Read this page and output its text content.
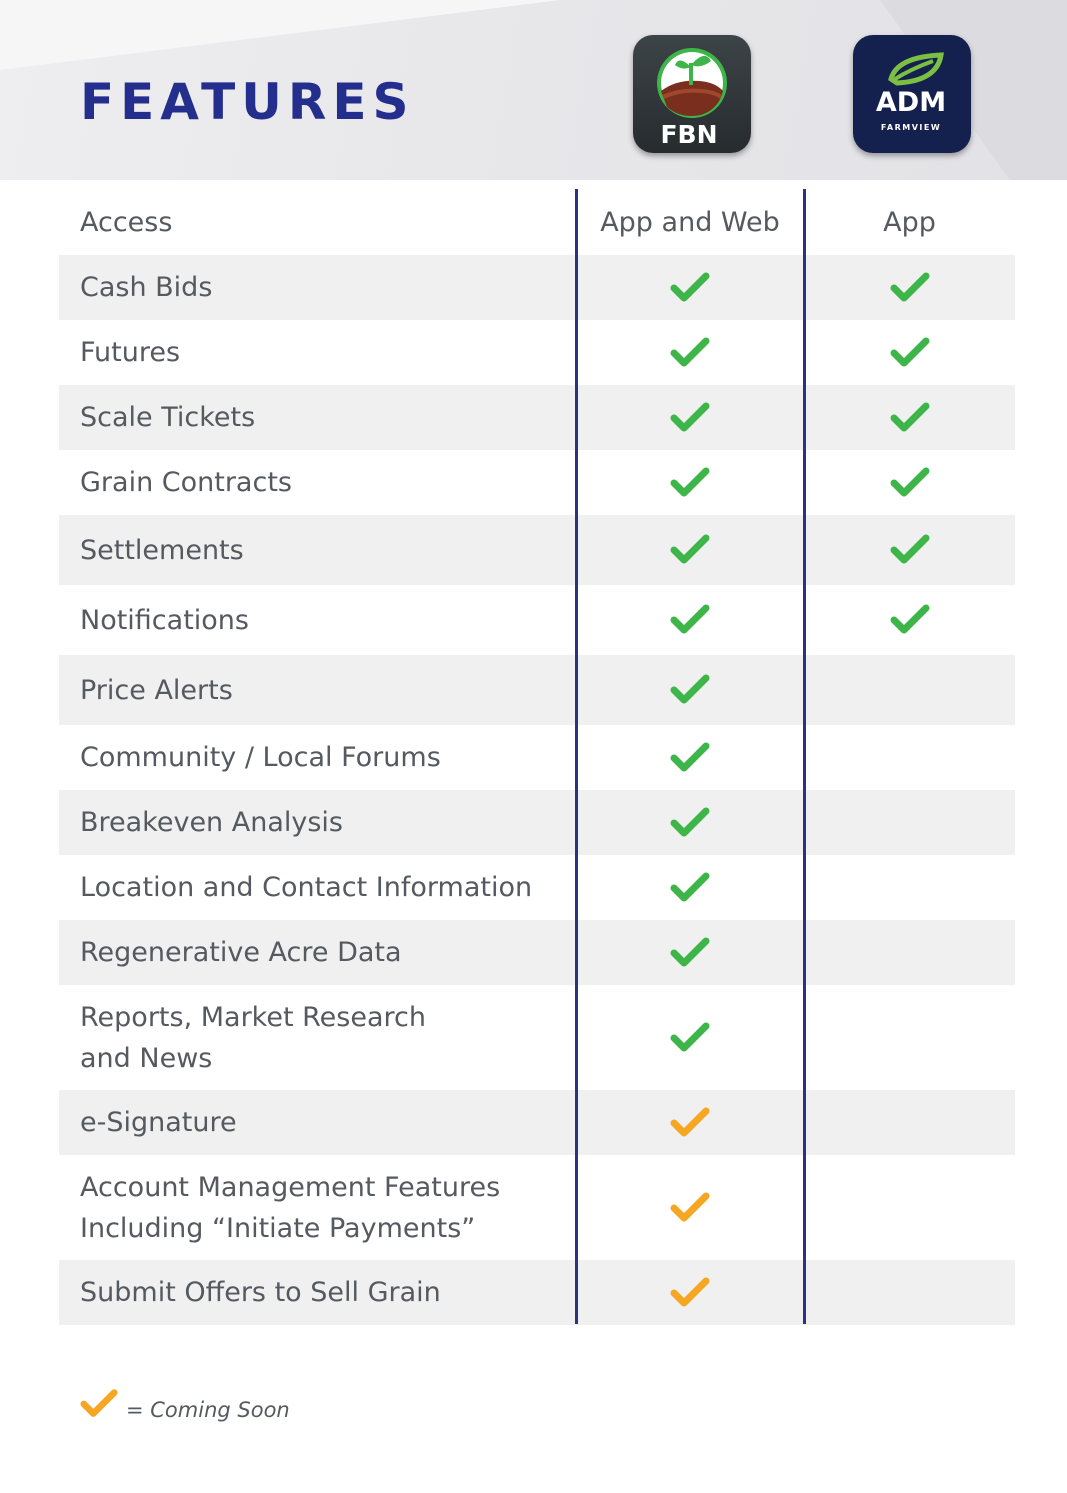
FEATURES
FBN
ADM
FARMVIEW
Access	App and Web	App
Cash Bids
Futures
Scale Tickets
Grain Contracts
Settlements
Notifications
Price Alerts
Community / Local Forums
Breakeven Analysis
Location and Contact Information
Regenerative Acre Data
Reports, Market Research
and News
e-Signature
Account Management Features
Including “Initiate Payments”
Submit Offers to Sell Grain
= Coming Soon
